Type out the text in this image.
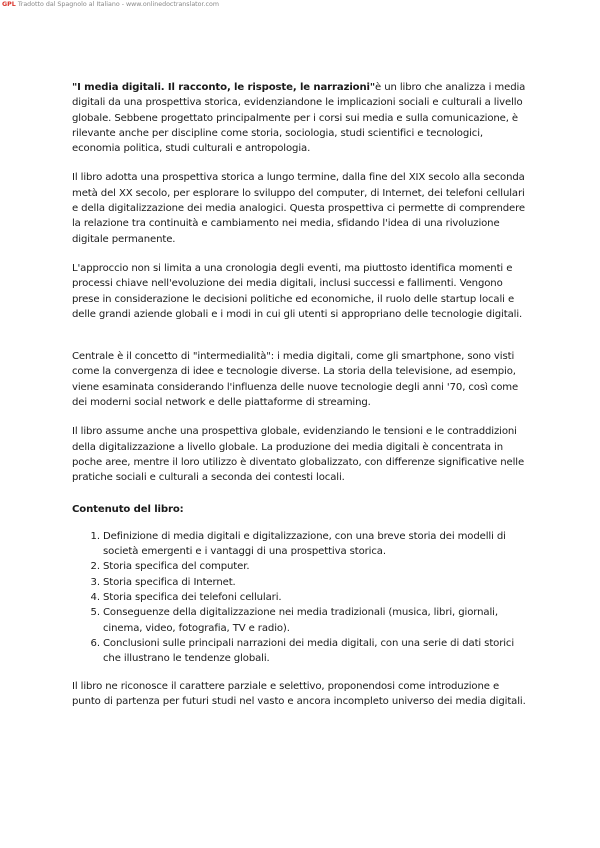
GPL Tradotto dal Spagnolo al Italiano - www.onlinedoctranslator.com

"I media digitali. Il racconto, le risposte, le narrazioni"è un libro che analizza i media digitali da una prospettiva storica, evidenziandone le implicazioni sociali e culturali a livello globale. Sebbene progettato principalmente per i corsi sui media e sulla comunicazione, è rilevante anche per discipline come storia, sociologia, studi scientifici e tecnologici, economia politica, studi culturali e antropologia.

Il libro adotta una prospettiva storica a lungo termine, dalla fine del XIX secolo alla seconda metà del XX secolo, per esplorare lo sviluppo del computer, di Internet, dei telefoni cellulari e della digitalizzazione dei media analogici. Questa prospettiva ci permette di comprendere la relazione tra continuità e cambiamento nei media, sfidando l'idea di una rivoluzione digitale permanente.

L'approccio non si limita a una cronologia degli eventi, ma piuttosto identifica momenti e processi chiave nell'evoluzione dei media digitali, inclusi successi e fallimenti. Vengono prese in considerazione le decisioni politiche ed economiche, il ruolo delle startup locali e delle grandi aziende globali e i modi in cui gli utenti si appropriano delle tecnologie digitali.

Centrale è il concetto di "intermedialità": i media digitali, come gli smartphone, sono visti come la convergenza di idee e tecnologie diverse. La storia della televisione, ad esempio, viene esaminata considerando l'influenza delle nuove tecnologie degli anni '70, così come dei moderni social network e delle piattaforme di streaming.

Il libro assume anche una prospettiva globale, evidenziando le tensioni e le contraddizioni della digitalizzazione a livello globale. La produzione dei media digitali è concentrata in poche aree, mentre il loro utilizzo è diventato globalizzato, con differenze significative nelle pratiche sociali e culturali a seconda dei contesti locali.

Contenuto del libro:

1. Definizione di media digitali e digitalizzazione, con una breve storia dei modelli di società emergenti e i vantaggi di una prospettiva storica.
2. Storia specifica del computer.
3. Storia specifica di Internet.
4. Storia specifica dei telefoni cellulari.
5. Conseguenze della digitalizzazione nei media tradizionali (musica, libri, giornali, cinema, video, fotografia, TV e radio).
6. Conclusioni sulle principali narrazioni dei media digitali, con una serie di dati storici che illustrano le tendenze globali.

Il libro ne riconosce il carattere parziale e selettivo, proponendosi come introduzione e punto di partenza per futuri studi nel vasto e ancora incompleto universo dei media digitali.
